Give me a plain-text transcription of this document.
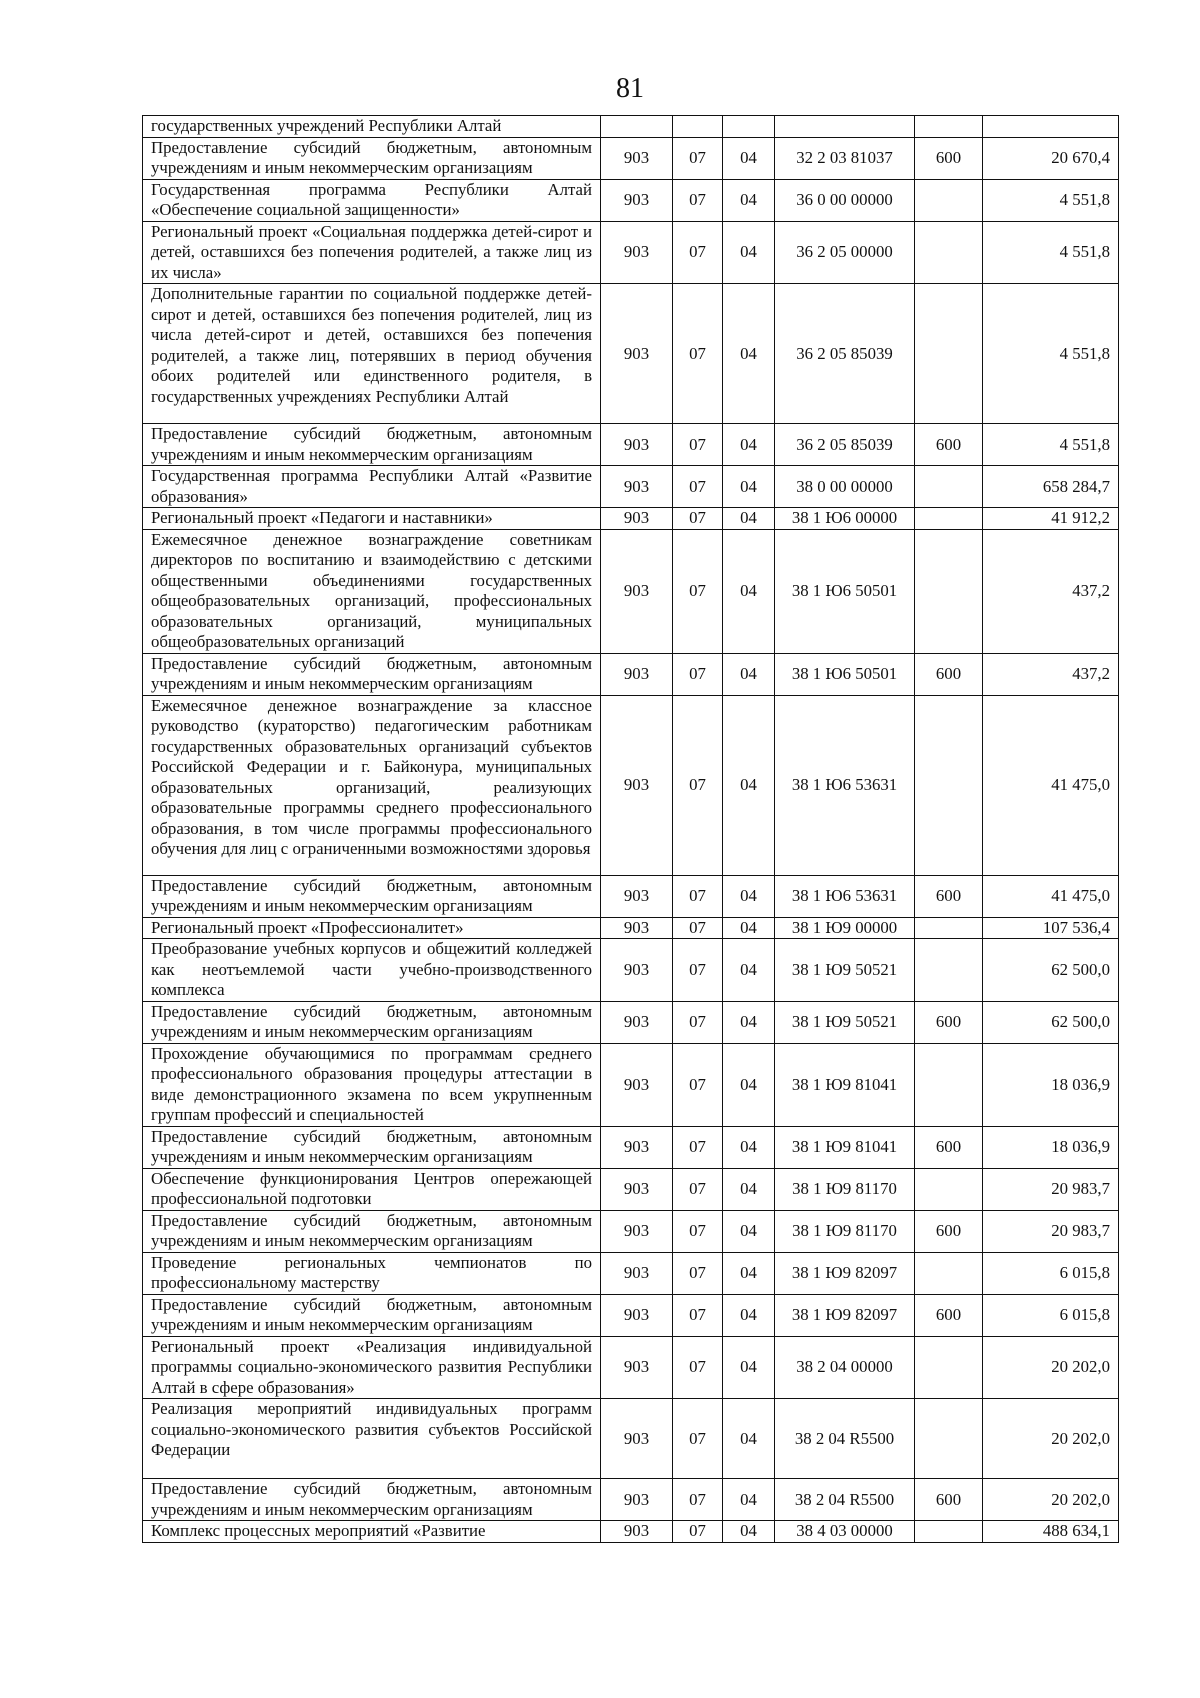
81
государственных учреждений Республики Алтай						
Предоставление субсидий бюджетным, автономным учреждениям и иным некоммерческим организациям	903	07	04	32 2 03 81037	600	20 670,4
Государственная программа Республики Алтай «Обеспечение социальной защищенности»	903	07	04	36 0 00 00000		4 551,8
Региональный проект «Социальная поддержка детей-сирот и детей, оставшихся без попечения родителей, а также лиц из их числа»	903	07	04	36 2 05 00000		4 551,8
Дополнительные гарантии по социальной поддержке детей-сирот и детей, оставшихся без попечения родителей, лиц из числа детей-сирот и детей, оставшихся без попечения родителей, а также лиц, потерявших в период обучения обоих родителей или единственного родителя, в государственных учреждениях Республики Алтай	903	07	04	36 2 05 85039		4 551,8
Предоставление субсидий бюджетным, автономным учреждениям и иным некоммерческим организациям	903	07	04	36 2 05 85039	600	4 551,8
Государственная программа Республики Алтай «Развитие образования»	903	07	04	38 0 00 00000		658 284,7
Региональный проект «Педагоги и наставники»	903	07	04	38 1 Ю6 00000		41 912,2
Ежемесячное денежное вознаграждение советникам директоров по воспитанию и взаимодействию с детскими общественными объединениями государственных общеобразовательных организаций, профессиональных образовательных организаций, муниципальных общеобразовательных организаций	903	07	04	38 1 Ю6 50501		437,2
Предоставление субсидий бюджетным, автономным учреждениям и иным некоммерческим организациям	903	07	04	38 1 Ю6 50501	600	437,2
Ежемесячное денежное вознаграждение за классное руководство (кураторство) педагогическим работникам государственных образовательных организаций субъектов Российской Федерации и г. Байконура, муниципальных образовательных организаций, реализующих образовательные программы среднего профессионального образования, в том числе программы профессионального обучения для лиц с ограниченными возможностями здоровья	903	07	04	38 1 Ю6 53631		41 475,0
Предоставление субсидий бюджетным, автономным учреждениям и иным некоммерческим организациям	903	07	04	38 1 Ю6 53631	600	41 475,0
Региональный проект «Профессионалитет»	903	07	04	38 1 Ю9 00000		107 536,4
Преобразование учебных корпусов и общежитий колледжей как неотъемлемой части учебно-производственного комплекса	903	07	04	38 1 Ю9 50521		62 500,0
Предоставление субсидий бюджетным, автономным учреждениям и иным некоммерческим организациям	903	07	04	38 1 Ю9 50521	600	62 500,0
Прохождение обучающимися по программам среднего профессионального образования процедуры аттестации в виде демонстрационного экзамена по всем укрупненным группам профессий и специальностей	903	07	04	38 1 Ю9 81041		18 036,9
Предоставление субсидий бюджетным, автономным учреждениям и иным некоммерческим организациям	903	07	04	38 1 Ю9 81041	600	18 036,9
Обеспечение функционирования Центров опережающей профессиональной подготовки	903	07	04	38 1 Ю9 81170		20 983,7
Предоставление субсидий бюджетным, автономным учреждениям и иным некоммерческим организациям	903	07	04	38 1 Ю9 81170	600	20 983,7
Проведение региональных чемпионатов по профессиональному мастерству	903	07	04	38 1 Ю9 82097		6 015,8
Предоставление субсидий бюджетным, автономным учреждениям и иным некоммерческим организациям	903	07	04	38 1 Ю9 82097	600	6 015,8
Региональный проект «Реализация индивидуальной программы социально-экономического развития Республики Алтай в сфере образования»	903	07	04	38 2 04 00000		20 202,0
Реализация мероприятий индивидуальных программ социально-экономического развития субъектов Российской Федерации	903	07	04	38 2 04 R5500		20 202,0
Предоставление субсидий бюджетным, автономным учреждениям и иным некоммерческим организациям	903	07	04	38 2 04 R5500	600	20 202,0
Комплекс процессных мероприятий «Развитие	903	07	04	38 4 03 00000		488 634,1
